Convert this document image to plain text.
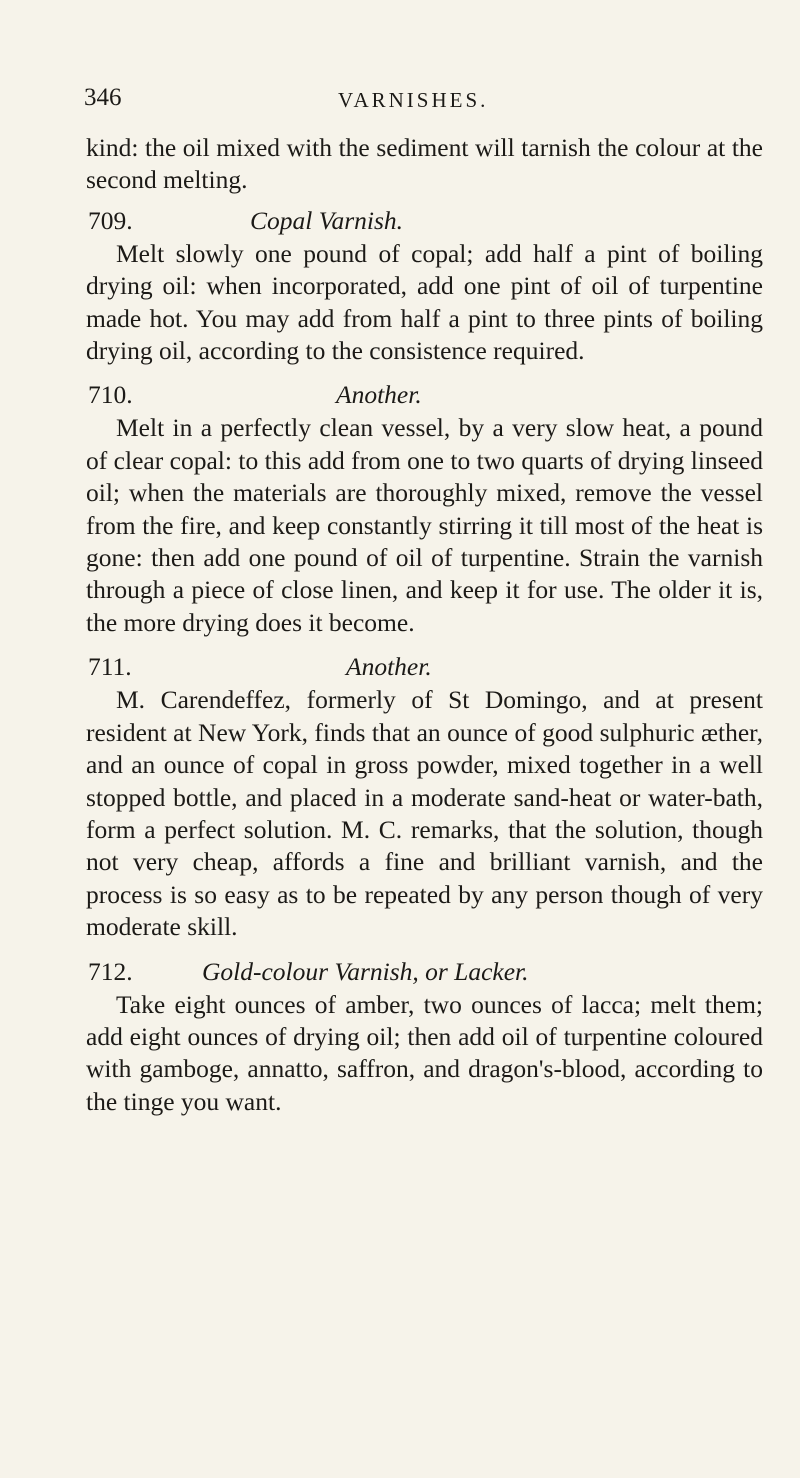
346	VARNISHES.

kind: the oil mixed with the sediment will tarnish the colour at the second melting.

709.	Copal Varnish.

Melt slowly one pound of copal; add half a pint of boiling drying oil: when incorporated, add one pint of oil of turpentine made hot. You may add from half a pint to three pints of boiling drying oil, according to the consistence required.

710.	Another.

Melt in a perfectly clean vessel, by a very slow heat, a pound of clear copal: to this add from one to two quarts of drying linseed oil; when the materials are thoroughly mixed, remove the vessel from the fire, and keep constantly stirring it till most of the heat is gone: then add one pound of oil of turpentine. Strain the varnish through a piece of close linen, and keep it for use. The older it is, the more drying does it become.

711.	Another.

M. Carendeffez, formerly of St Domingo, and at present resident at New York, finds that an ounce of good sulphuric æther, and an ounce of copal in gross powder, mixed together in a well stopped bottle, and placed in a moderate sand-heat or water-bath, form a perfect solution. M. C. remarks, that the solution, though not very cheap, affords a fine and brilliant varnish, and the process is so easy as to be repeated by any person though of very moderate skill.

712.	Gold-colour Varnish, or Lacker.

Take eight ounces of amber, two ounces of lacca; melt them; add eight ounces of drying oil; then add oil of turpentine coloured with gamboge, annatto, saffron, and dragon's-blood, according to the tinge you want.
